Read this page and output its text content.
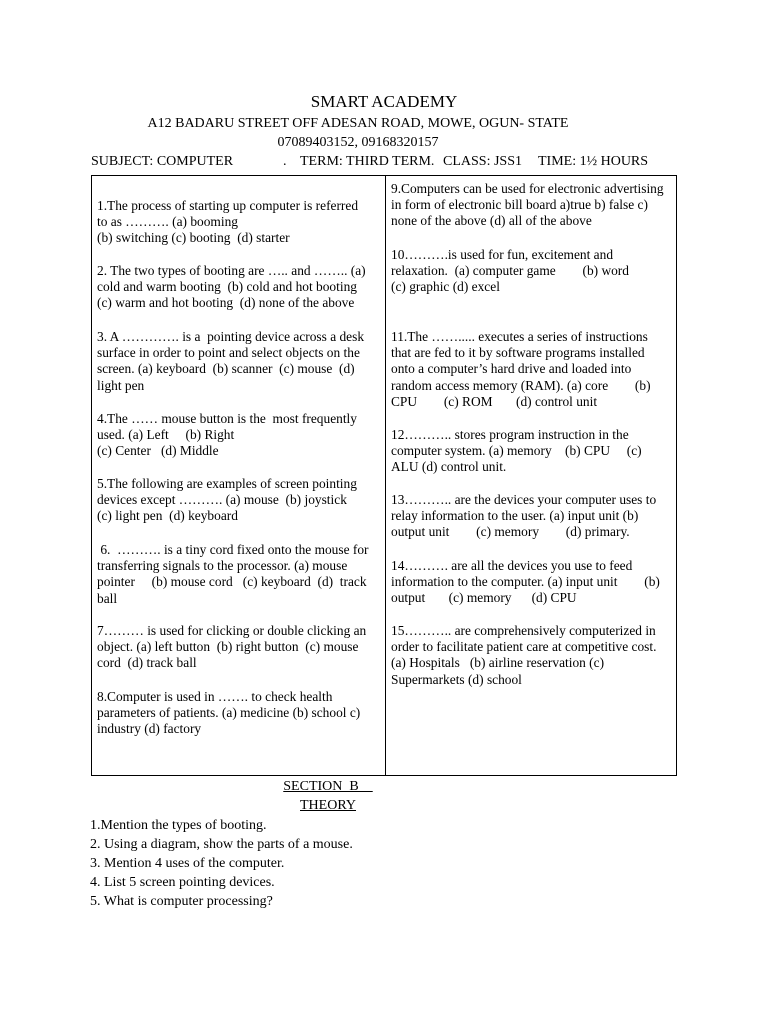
SMART ACADEMY
A12 BADARU STREET OFF ADESAN ROAD, MOWE, OGUN- STATE
07089403152, 09168320157

SUBJECT: COMPUTER

	.

TERM: THIRD TERM.

CLASS: JSS1

TIME: 1½ HOURS

1.The process of starting up computer is referred
to as ………. (a) booming
(b) switching (c) booting  (d) starter
2. The two types of booting are ….. and …….. (a)
cold and warm booting  (b) cold and hot booting
(c) warm and hot booting  (d) none of the above
3. A …………. is a  pointing device across a desk
surface in order to point and select objects on the
screen. (a) keyboard  (b) scanner  (c) mouse  (d)
light pen
4.The …… mouse button is the  most frequently
used. (a) Left     (b) Right
(c) Center   (d) Middle
5.The following are examples of screen pointing
devices except ………. (a) mouse  (b) joystick
(c) light pen  (d) keyboard
6.  ………. is a tiny cord fixed onto the mouse for
transferring signals to the processor. (a) mouse
pointer     (b) mouse cord   (c) keyboard  (d)  track
ball
7……… is used for clicking or double clicking an
object. (a) left button  (b) right button  (c) mouse
cord  (d) track ball
8.Computer is used in ……. to check health
parameters of patients. (a) medicine (b) school c)
industry (d) factory
9.Computers can be used for electronic advertising
in form of electronic bill board a)true b) false c)
none of the above (d) all of the above
10……….is used for fun, excitement and
relaxation.  (a) computer game        (b) word
(c) graphic (d) excel
11.The ……..... executes a series of instructions
that are fed to it by software programs installed
onto a computer’s hard drive and loaded into
random access memory (RAM). (a) core        (b)
CPU        (c) ROM       (d) control unit
12……….. stores program instruction in the
computer system. (a) memory    (b) CPU     (c)
ALU (d) control unit.
13……….. are the devices your computer uses to
relay information to the user. (a) input unit (b)
output unit        (c) memory        (d) primary.
14………. are all the devices you use to feed
information to the computer. (a) input unit        (b)
output       (c) memory      (d) CPU
15……….. are comprehensively computerized in
order to facilitate patient care at competitive cost.
(a) Hospitals   (b) airline reservation (c)
Supermarkets (d) school
SECTION  B
THEORY
1.Mention the types of booting.
2. Using a diagram, show the parts of a mouse.
3. Mention 4 uses of the computer.
4. List 5 screen pointing devices.
5. What is computer processing?
